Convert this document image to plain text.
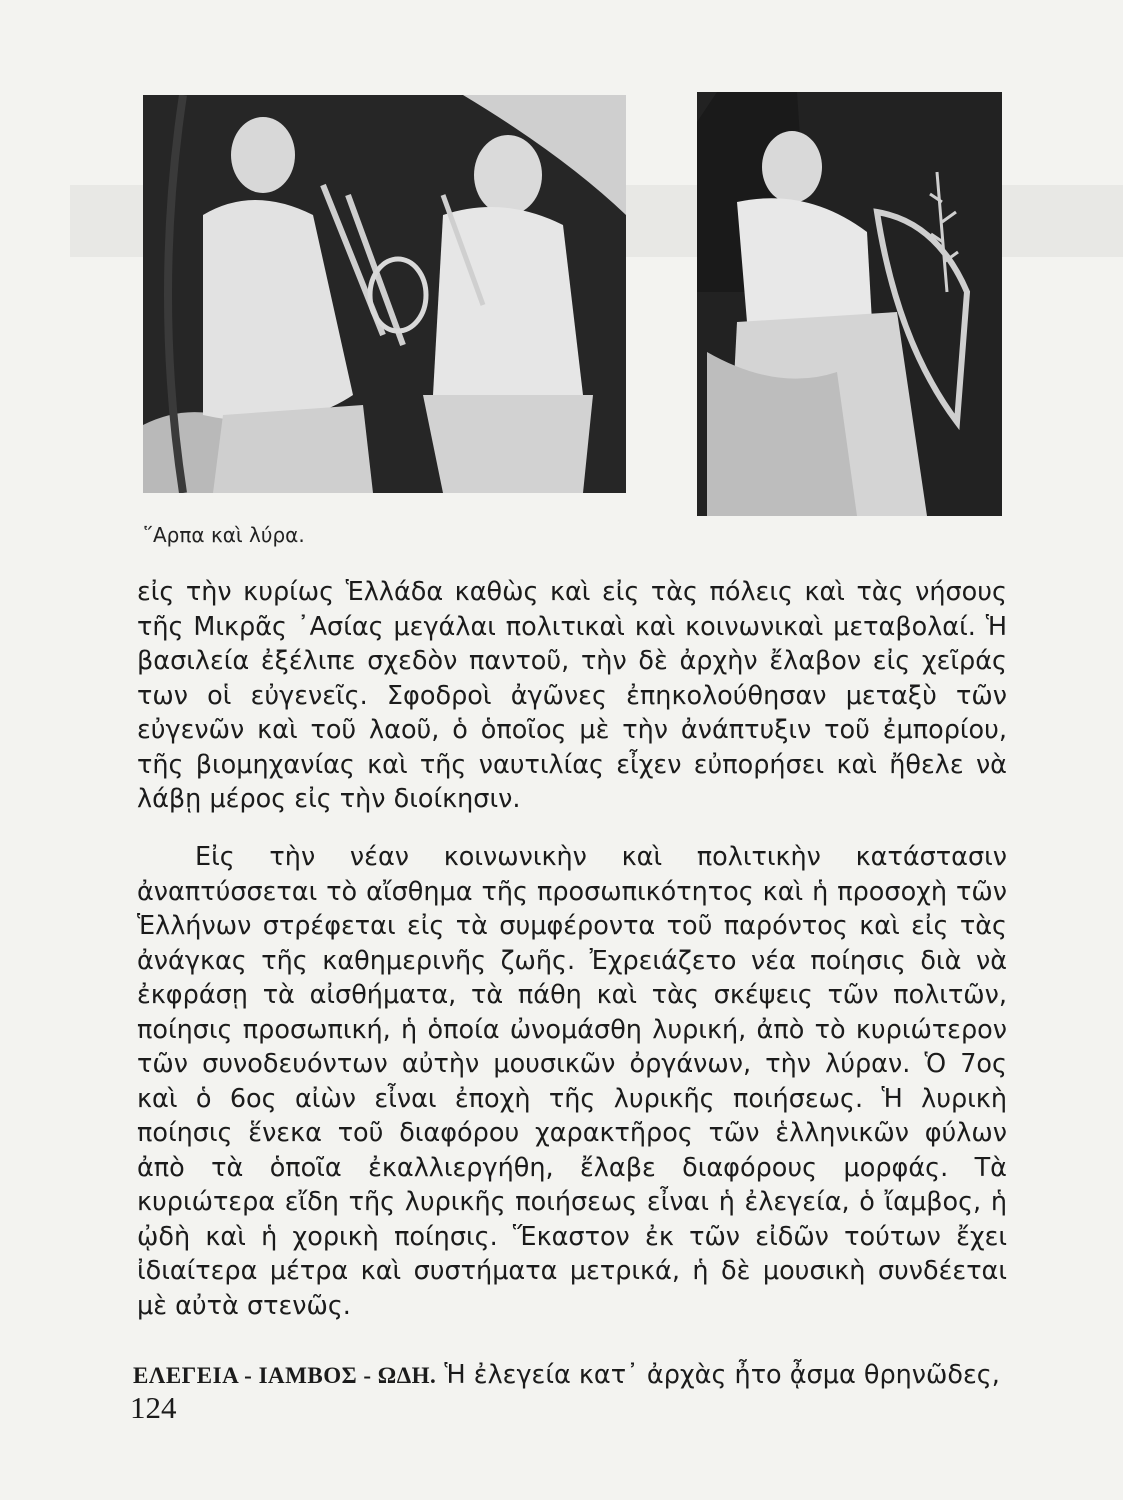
῞Αρπα καὶ λύρα.

εἰς τὴν κυρίως Ἑλλάδα καθὼς καὶ εἰς τὰς πόλεις καὶ τὰς νήσους τῆς Μικρᾶς ᾿Ασίας μεγάλαι πολιτικαὶ καὶ κοινωνικαὶ μεταβολαί. Ἡ βασιλεία ἐξέλιπε σχεδὸν παντοῦ, τὴν δὲ ἀρχὴν ἔλαβον εἰς χεῖράς των οἱ εὐγενεῖς. Σφοδροὶ ἀγῶνες ἐπηκολούθησαν μεταξὺ τῶν εὐγενῶν καὶ τοῦ λαοῦ, ὁ ὁποῖος μὲ τὴν ἀνάπτυξιν τοῦ ἐμπορίου, τῆς βιομηχανίας καὶ τῆς ναυτιλίας εἶχεν εὐπορήσει καὶ ἤθελε νὰ λάβῃ μέρος εἰς τὴν διοίκησιν.

Εἰς τὴν νέαν κοινωνικὴν καὶ πολιτικὴν κατάστασιν ἀναπτύσσεται τὸ αἴσθημα τῆς προσωπικότητος καὶ ἡ προσοχὴ τῶν Ἑλλήνων στρέφεται εἰς τὰ συμφέροντα τοῦ παρόντος καὶ εἰς τὰς ἀνάγκας τῆς καθημερινῆς ζωῆς. Ἐχρειάζετο νέα ποίησις διὰ νὰ ἐκφράσῃ τὰ αἰσθήματα, τὰ πάθη καὶ τὰς σκέψεις τῶν πολιτῶν, ποίησις προσωπική, ἡ ὁποία ὠνομάσθη λυρική, ἀπὸ τὸ κυριώτερον τῶν συνοδευόντων αὐτὴν μουσικῶν ὀργάνων, τὴν λύραν. Ὁ 7ος καὶ ὁ 6ος αἰὼν εἶναι ἐποχὴ τῆς λυρικῆς ποιήσεως. Ἡ λυρικὴ ποίησις ἕνεκα τοῦ διαφόρου χαρακτῆρος τῶν ἑλληνικῶν φύλων ἀπὸ τὰ ὁποῖα ἐκαλλιεργήθη, ἔλαβε διαφόρους μορφάς. Τὰ κυριώτερα εἴδη τῆς λυρικῆς ποιήσεως εἶναι ἡ ἐλεγεία, ὁ ἴαμβος, ἡ ᾠδὴ καὶ ἡ χορικὴ ποίησις. Ἕκαστον ἐκ τῶν εἰδῶν τούτων ἔχει ἰδιαίτερα μέτρα καὶ συστήματα μετρικά, ἡ δὲ μουσικὴ συνδέεται μὲ αὐτὰ στενῶς.

ΕΛΕΓΕΙΑ - ΙΑΜΒΟΣ - ΩΔΗ. Ἡ ἐλεγεία κατ᾿ ἀρχὰς ἦτο ᾆσμα θρηνῶδες,
124
